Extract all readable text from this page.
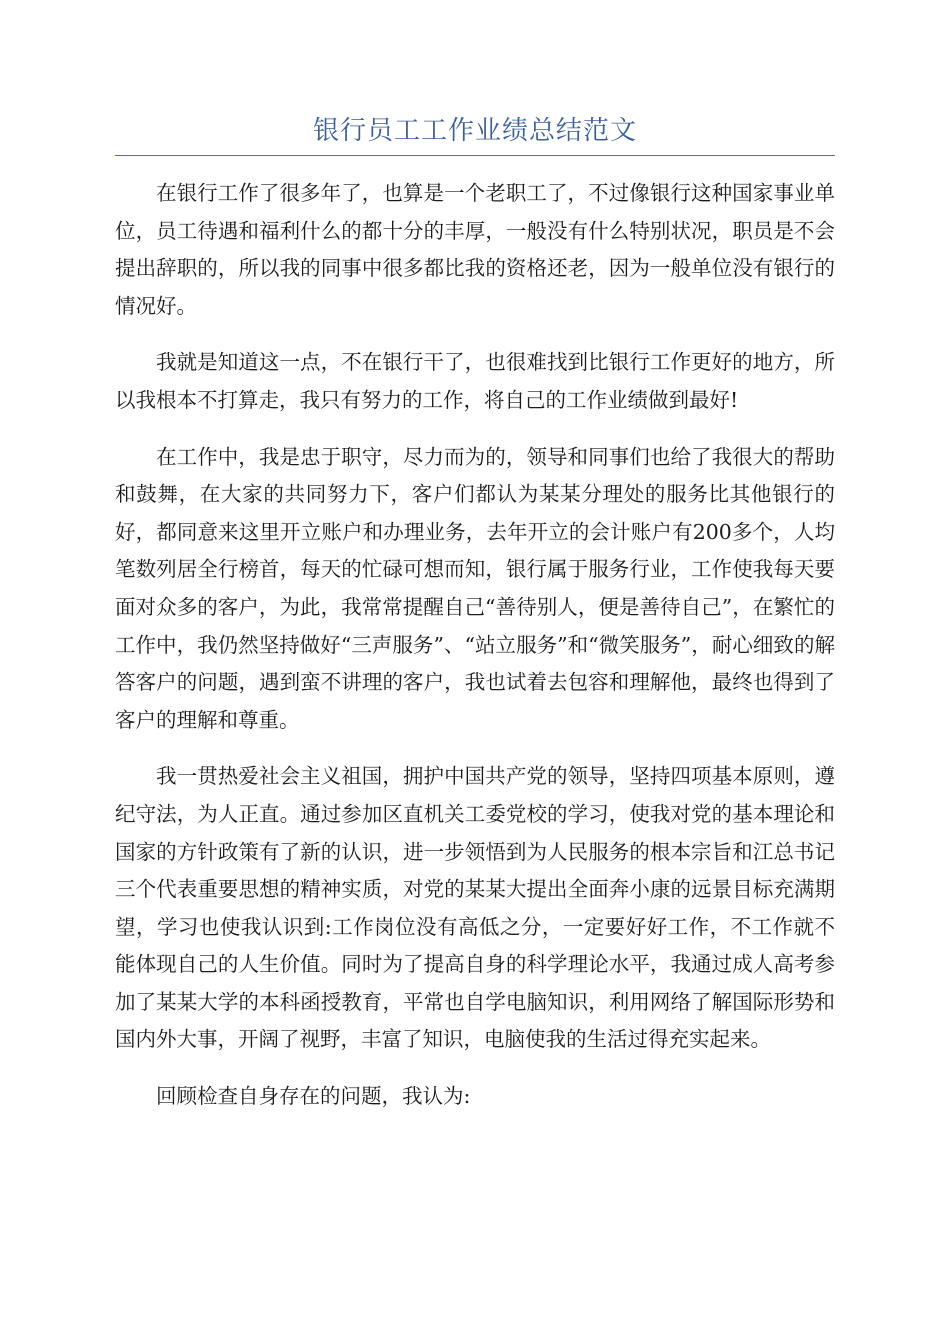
银行员工工作业绩总结范文

在银行工作了很多年了，也算是一个老职工了，不过像银行这种国家事业单位，员工待遇和福利什么的都十分的丰厚，一般没有什么特别状况，职员是不会提出辞职的，所以我的同事中很多都比我的资格还老，因为一般单位没有银行的情况好。

我就是知道这一点，不在银行干了，也很难找到比银行工作更好的地方，所以我根本不打算走，我只有努力的工作，将自己的工作业绩做到最好!

在工作中，我是忠于职守，尽力而为的，领导和同事们也给了我很大的帮助和鼓舞，在大家的共同努力下，客户们都认为某某分理处的服务比其他银行的好，都同意来这里开立账户和办理业务，去年开立的会计账户有200多个，人均笔数列居全行榜首，每天的忙碌可想而知，银行属于服务行业，工作使我每天要面对众多的客户，为此，我常常提醒自己“善待别人，便是善待自己”，在繁忙的工作中，我仍然坚持做好“三声服务”、“站立服务”和“微笑服务”，耐心细致的解答客户的问题，遇到蛮不讲理的客户，我也试着去包容和理解他，最终也得到了客户的理解和尊重。

我一贯热爱社会主义祖国，拥护中国共产党的领导，坚持四项基本原则，遵纪守法，为人正直。通过参加区直机关工委党校的学习，使我对党的基本理论和国家的方针政策有了新的认识，进一步领悟到为人民服务的根本宗旨和江总书记三个代表重要思想的精神实质，对党的某某大提出全面奔小康的远景目标充满期望，学习也使我认识到:工作岗位没有高低之分，一定要好好工作，不工作就不能体现自己的人生价值。同时为了提高自身的科学理论水平，我通过成人高考参加了某某大学的本科函授教育，平常也自学电脑知识，利用网络了解国际形势和国内外大事，开阔了视野，丰富了知识，电脑使我的生活过得充实起来。

回顾检查自身存在的问题，我认为:
